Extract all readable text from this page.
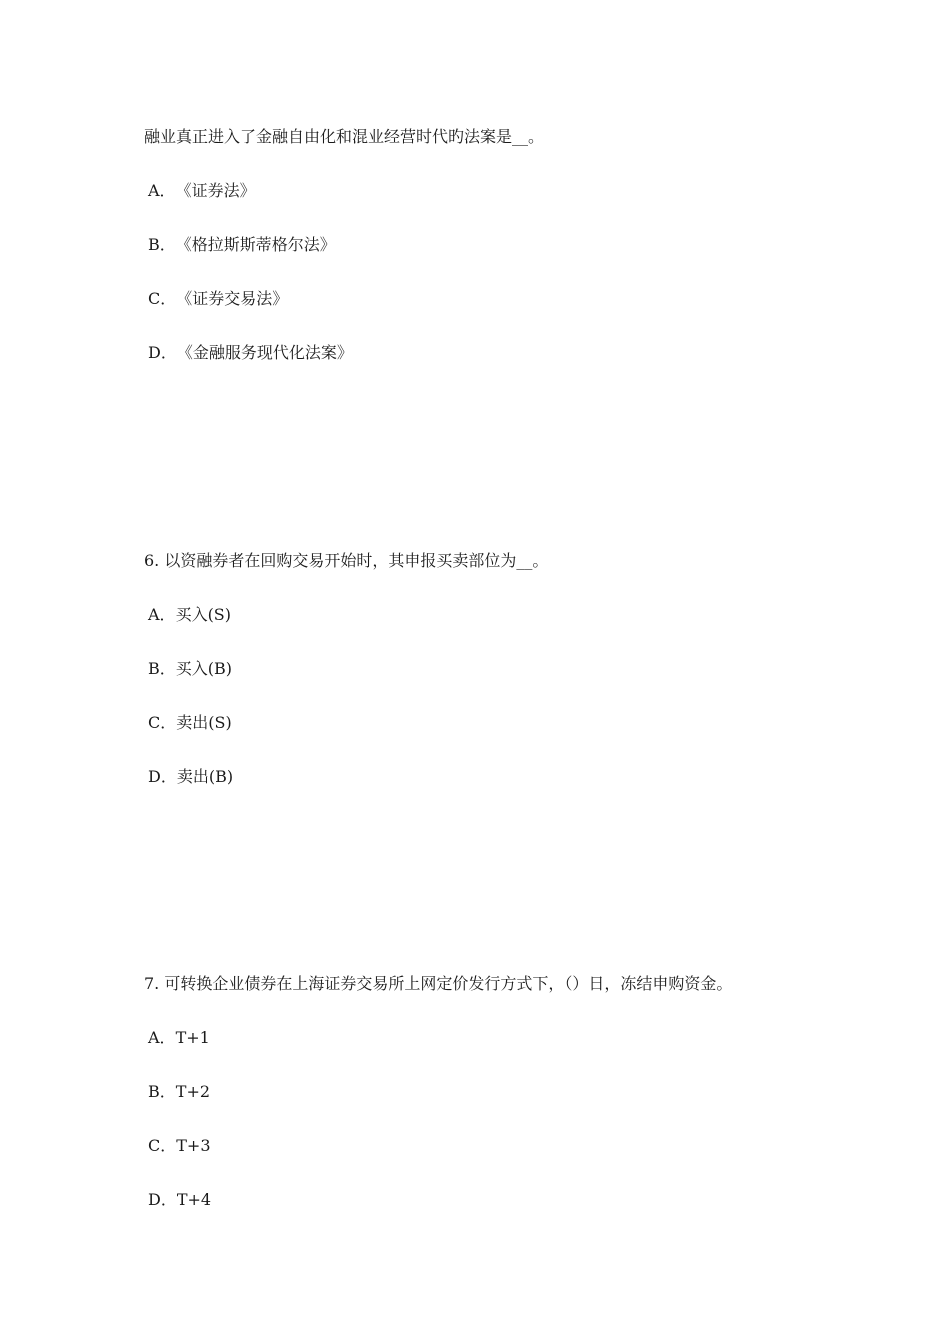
融业真正进入了金融自由化和混业经营时代旳法案是__。

A．《证券法》
B．《格拉斯斯蒂格尔法》
C．《证券交易法》
D．《金融服务现代化法案》

6. 以资融券者在回购交易开始时，其申报买卖部位为__。

A．买入(S)
B．买入(B)
C．卖出(S)
D．卖出(B)

7. 可转换企业债券在上海证券交易所上网定价发行方式下，（）日，冻结申购资金。

A．T+1
B．T+2
C．T+3
D．T+4
